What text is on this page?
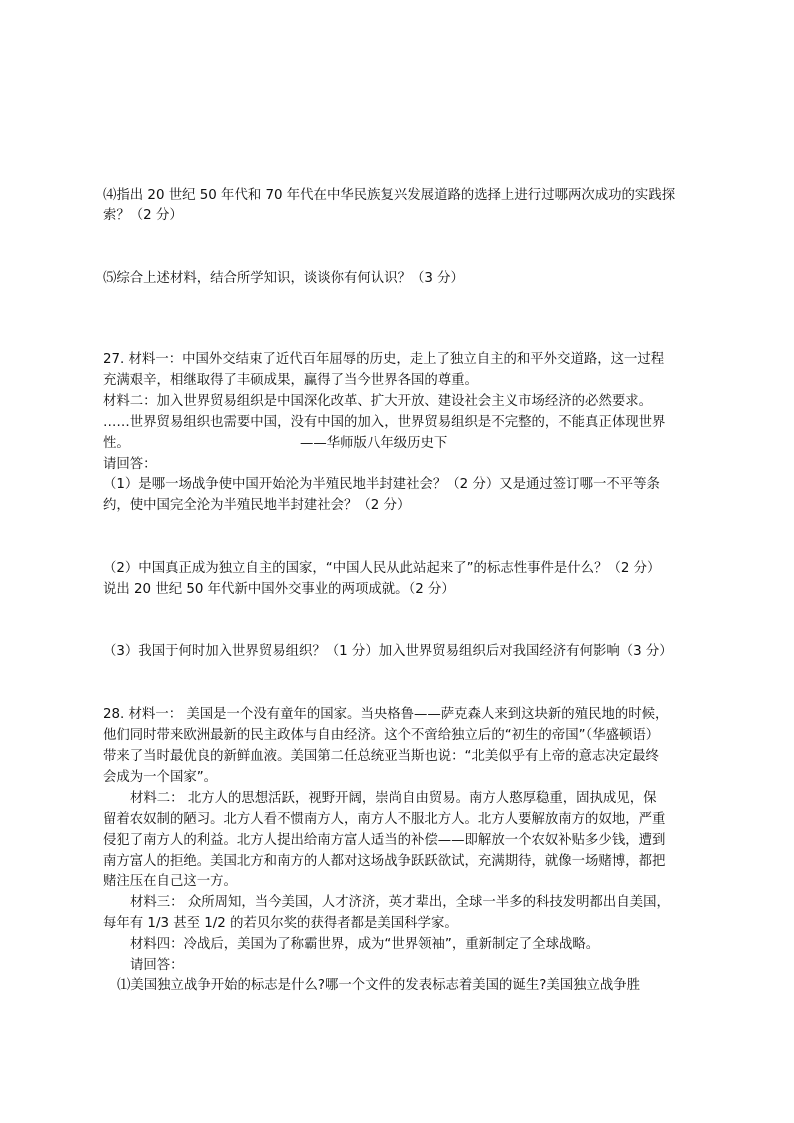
⑷指出 20 世纪 50 年代和 70 年代在中华民族复兴发展道路的选择上进行过哪两次成功的实践探
索？（2 分）
⑸综合上述材料，结合所学知识，谈谈你有何认识？（3 分）
27. 材料一：中国外交结束了近代百年屈辱的历史，走上了独立自主的和平外交道路，这一过程
充满艰辛，相继取得了丰硕成果，赢得了当今世界各国的尊重。
材料二：加入世界贸易组织是中国深化改革、扩大开放、建设社会主义市场经济的必然要求。
……世界贸易组织也需要中国，没有中国的加入，世界贸易组织是不完整的，不能真正体现世界
性。	——华师版八年级历史下
请回答：
（1）是哪一场战争使中国开始沦为半殖民地半封建社会？（2 分）又是通过签订哪一不平等条
约，使中国完全沦为半殖民地半封建社会？（2 分）
（2）中国真正成为独立自主的国家，“中国人民从此站起来了”的标志性事件是什么？（2 分）
说出 20 世纪 50 年代新中国外交事业的两项成就。（2 分）
（3）我国于何时加入世界贸易组织？（1 分）加入世界贸易组织后对我国经济有何影响（3 分）
28. 材料一： 美国是一个没有童年的国家。当央格鲁——萨克森人来到这块新的殖民地的时候，
他们同时带来欧洲最新的民主政体与自由经济。这个不啻给独立后的“初生的帝国”（华盛顿语）
带来了当时最优良的新鲜血液。美国第二任总统亚当斯也说：“北美似乎有上帝的意志决定最终
会成为一个国家”。
材料二： 北方人的思想活跃，视野开阔，崇尚自由贸易。南方人憨厚稳重，固执成见，保
留着农奴制的陋习。北方人看不惯南方人，南方人不服北方人。北方人要解放南方的奴地，严重
侵犯了南方人的利益。北方人提出给南方富人适当的补偿——即解放一个农奴补贴多少钱，遭到
南方富人的拒绝。美国北方和南方的人都对这场战争跃跃欲试，充满期待，就像一场赌博，都把
赌注压在自己这一方。
材料三： 众所周知，当今美国，人才济济，英才辈出，全球一半多的科技发明都出自美国，
每年有 1/3 甚至 1/2 的若贝尔奖的获得者都是美国科学家。
材料四：冷战后，美国为了称霸世界，成为“世界领袖”，重新制定了全球战略。
请回答：
⑴美国独立战争开始的标志是什么?哪一个文件的发表标志着美国的诞生?美国独立战争胜
